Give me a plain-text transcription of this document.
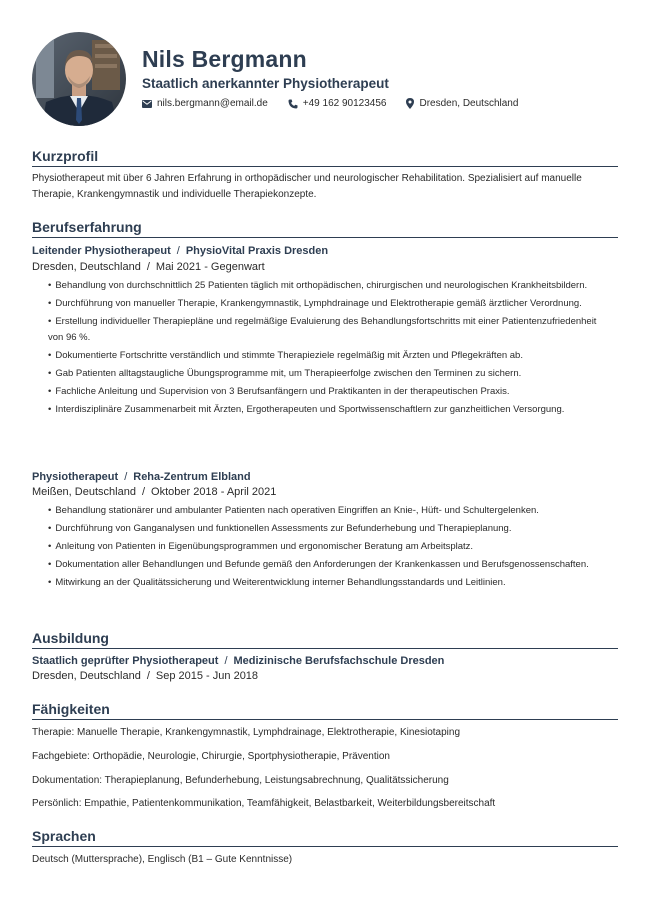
Nils Bergmann
Staatlich anerkannter Physiotherapeut
nils.bergmann@email.de	+49 162 90123456	Dresden, Deutschland
Kurzprofil
Physiotherapeut mit über 6 Jahren Erfahrung in orthopädischer und neurologischer Rehabilitation. Spezialisiert auf manuelle Therapie, Krankengymnastik und individuelle Therapiekonzepte.
Berufserfahrung
Leitender Physiotherapeut / PhysioVital Praxis Dresden
Dresden, Deutschland / Mai 2021 - Gegenwart
• Behandlung von durchschnittlich 25 Patienten täglich mit orthopädischen, chirurgischen und neurologischen Krankheitsbildern.
• Durchführung von manueller Therapie, Krankengymnastik, Lymphdrainage und Elektrotherapie gemäß ärztlicher Verordnung.
• Erstellung individueller Therapiepläne und regelmäßige Evaluierung des Behandlungsfortschritts mit einer Patientenzufriedenheit von 96 %.
• Dokumentierte Fortschritte verständlich und stimmte Therapieziele regelmäßig mit Ärzten und Pflegekräften ab.
• Gab Patienten alltagstaugliche Übungsprogramme mit, um Therapieerfolge zwischen den Terminen zu sichern.
• Fachliche Anleitung und Supervision von 3 Berufsanfängern und Praktikanten in der therapeutischen Praxis.
• Interdisziplinäre Zusammenarbeit mit Ärzten, Ergotherapeuten und Sportwissenschaftlern zur ganzheitlichen Versorgung.
Physiotherapeut / Reha-Zentrum Elbland
Meißen, Deutschland / Oktober 2018 - April 2021
• Behandlung stationärer und ambulanter Patienten nach operativen Eingriffen an Knie-, Hüft- und Schultergelenken.
• Durchführung von Ganganalysen und funktionellen Assessments zur Befunderhebung und Therapieplanung.
• Anleitung von Patienten in Eigenübungsprogrammen und ergonomischer Beratung am Arbeitsplatz.
• Dokumentation aller Behandlungen und Befunde gemäß den Anforderungen der Krankenkassen und Berufsgenossenschaften.
• Mitwirkung an der Qualitätssicherung und Weiterentwicklung interner Behandlungsstandards und Leitlinien.
Ausbildung
Staatlich geprüfter Physiotherapeut / Medizinische Berufsfachschule Dresden
Dresden, Deutschland / Sep 2015 - Jun 2018
Fähigkeiten
Therapie: Manuelle Therapie, Krankengymnastik, Lymphdrainage, Elektrotherapie, Kinesiotaping
Fachgebiete: Orthopädie, Neurologie, Chirurgie, Sportphysiotherapie, Prävention
Dokumentation: Therapieplanung, Befunderhebung, Leistungsabrechnung, Qualitätssicherung
Persönlich: Empathie, Patientenkommunikation, Teamfähigkeit, Belastbarkeit, Weiterbildungsbereitschaft
Sprachen
Deutsch (Muttersprache), Englisch (B1 – Gute Kenntnisse)
